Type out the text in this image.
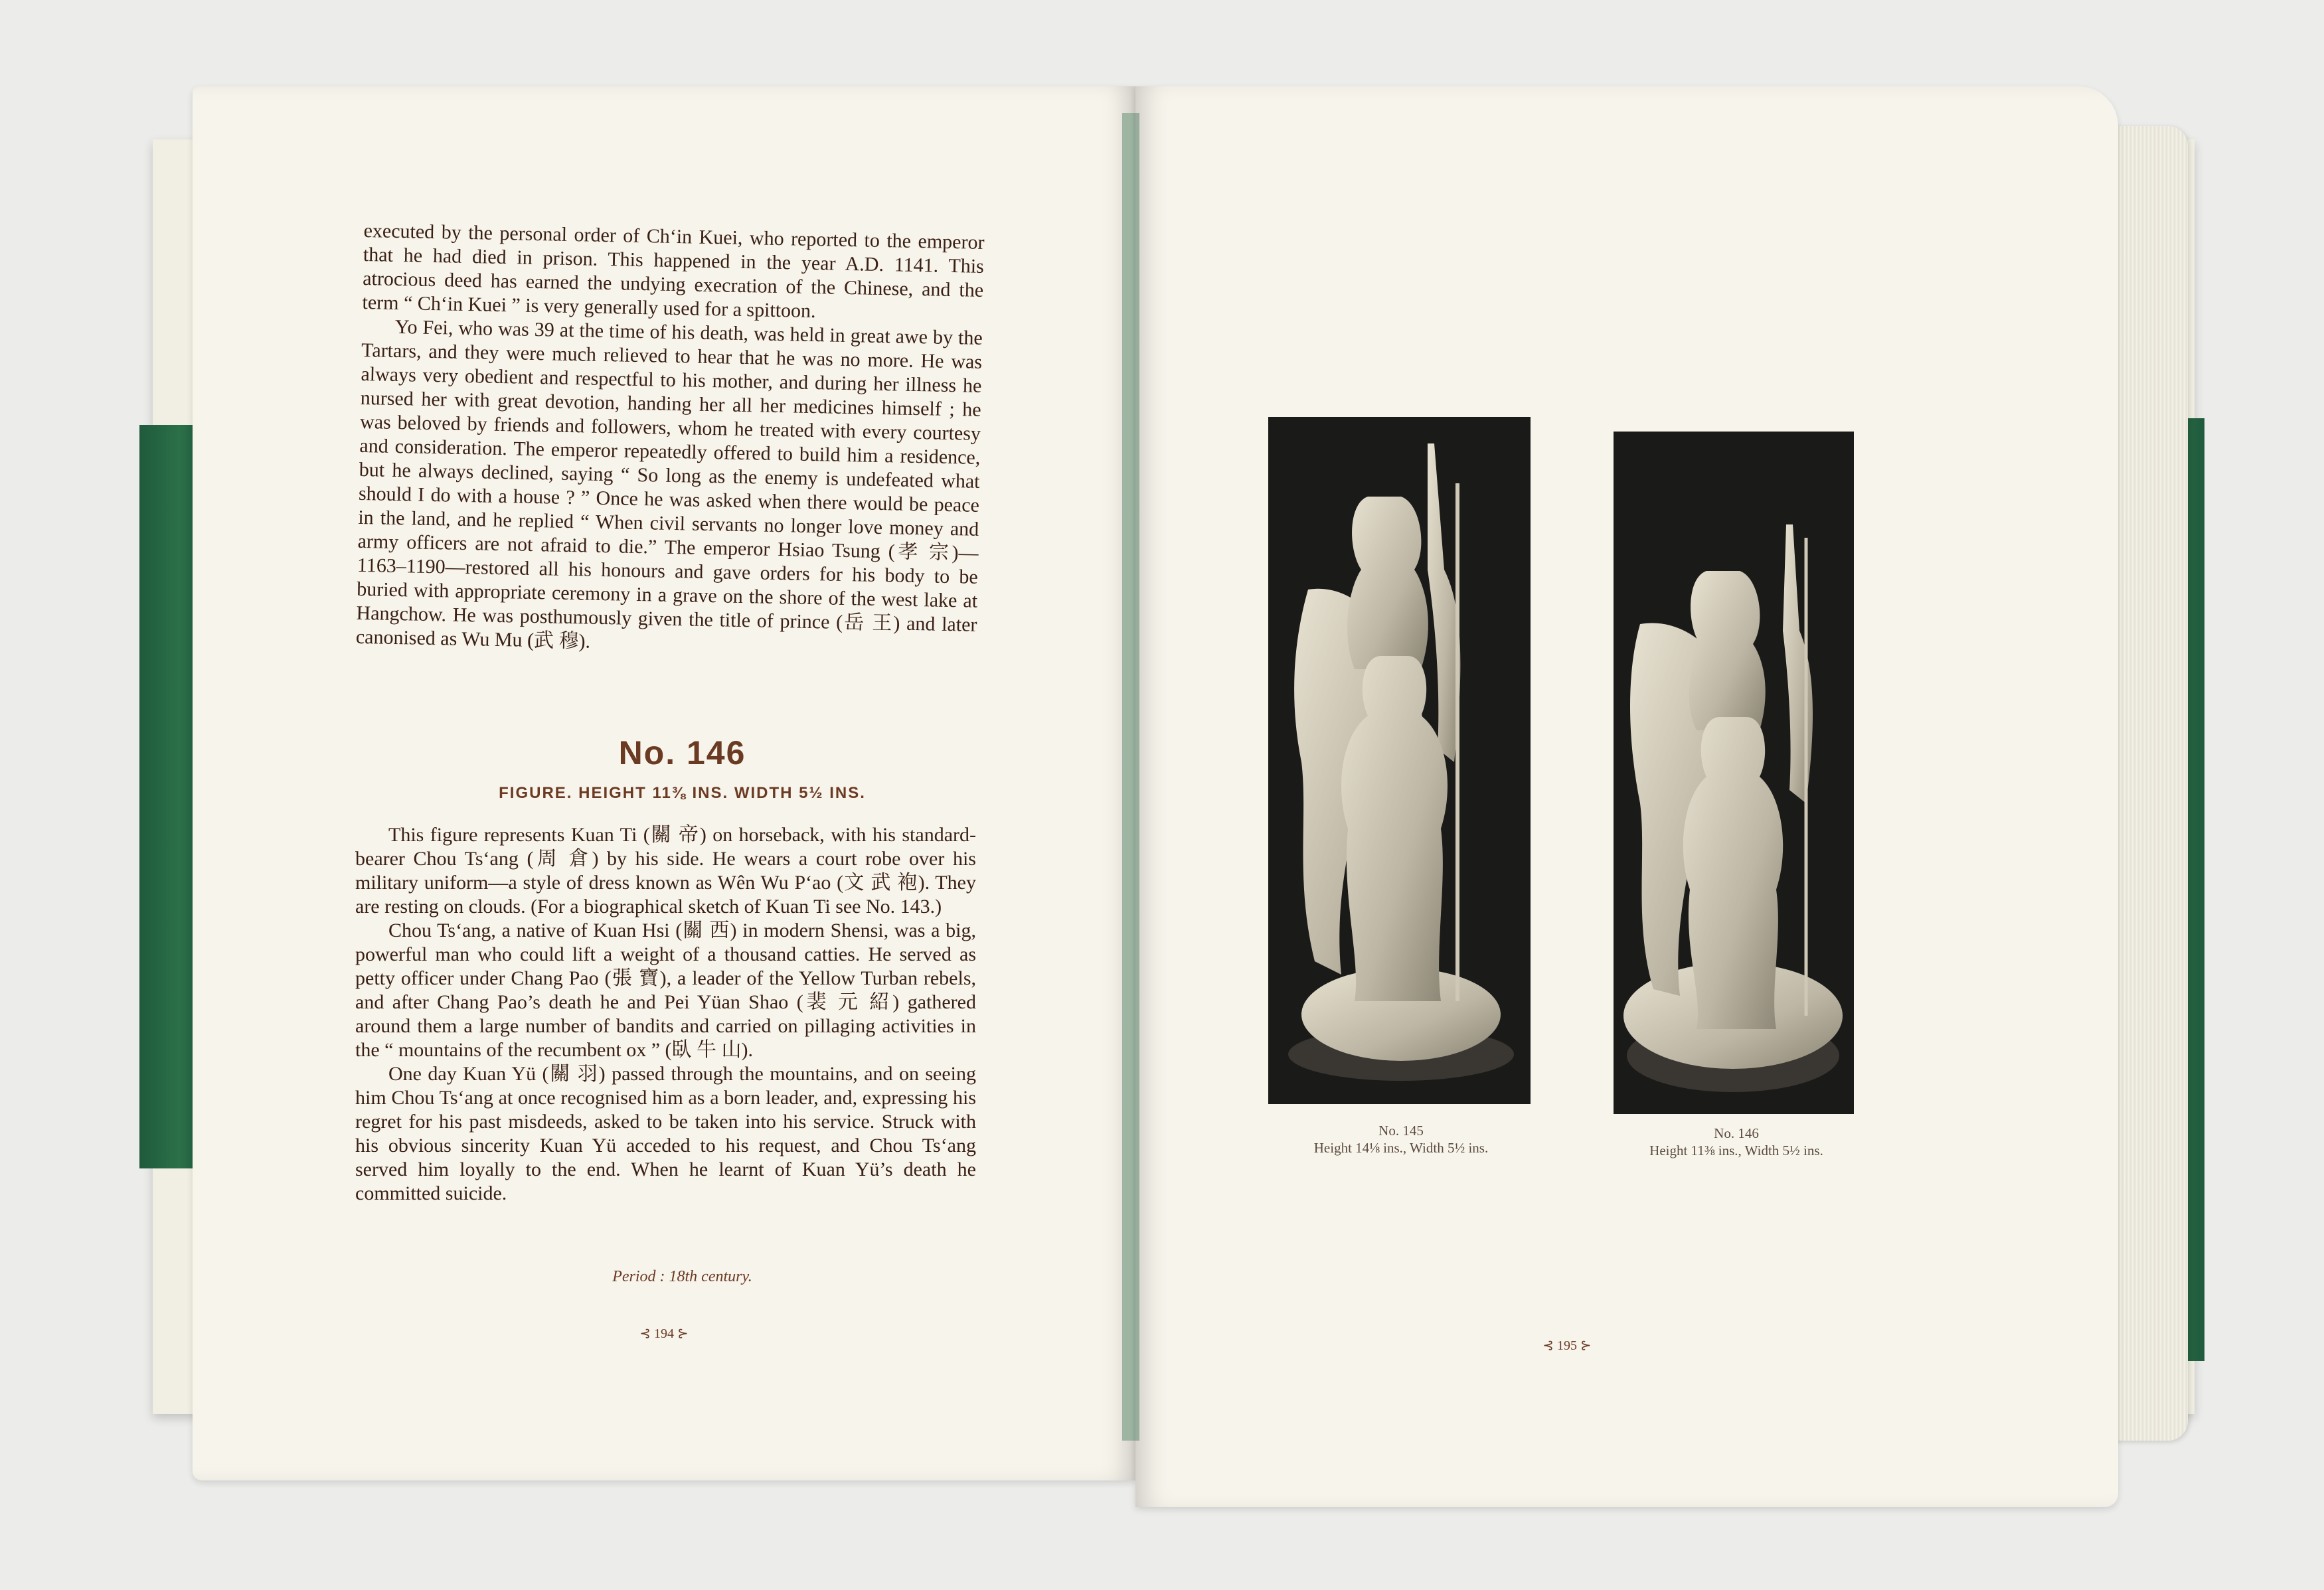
executed by the personal order of Ch‘in Kuei, who reported to the emperor that he had died in prison. This happened in the year A.D. 1141. This atrocious deed has earned the undying execration of the Chinese, and the term “ Ch‘in Kuei ” is very generally used for a spittoon.

Yo Fei, who was 39 at the time of his death, was held in great awe by the Tartars, and they were much relieved to hear that he was no more. He was always very obedient and respectful to his mother, and during her illness he nursed her with great devotion, handing her all her medicines himself ; he was beloved by friends and followers, whom he treated with every courtesy and consideration. The emperor repeatedly offered to build him a residence, but he always declined, saying “ So long as the enemy is undefeated what should I do with a house ? ” Once he was asked when there would be peace in the land, and he replied “ When civil servants no longer love money and army officers are not afraid to die.” The emperor Hsiao Tsung (孝 宗)—1163–1190—restored all his honours and gave orders for his body to be buried with appropriate ceremony in a grave on the shore of the west lake at Hangchow. He was posthumously given the title of prince (岳 王) and later canonised as Wu Mu (武 穆).

No. 146
FIGURE. HEIGHT 11⅜ INS. WIDTH 5½ INS.

This figure represents Kuan Ti (關 帝) on horseback, with his standard-bearer Chou Ts‘ang (周 倉) by his side. He wears a court robe over his military uniform—a style of dress known as Wên Wu P‘ao (文 武 袍). They are resting on clouds. (For a biographical sketch of Kuan Ti see No. 143.)

Chou Ts‘ang, a native of Kuan Hsi (關 西) in modern Shensi, was a big, powerful man who could lift a weight of a thousand catties. He served as petty officer under Chang Pao (張 寶), a leader of the Yellow Turban rebels, and after Chang Pao’s death he and Pei Yüan Shao (裴 元 紹) gathered around them a large number of bandits and carried on pillaging activities in the “ mountains of the recumbent ox ” (臥 牛 山).

One day Kuan Yü (關 羽) passed through the mountains, and on seeing him Chou Ts‘ang at once recognised him as a born leader, and, expressing his regret for his past misdeeds, asked to be taken into his service. Struck with his obvious sincerity Kuan Yü acceded to his request, and Chou Ts‘ang served him loyally to the end. When he learnt of Kuan Yü’s death he committed suicide.

Period : 18th century.
⊰ 194 ⊱
No. 145
Height 14⅛ ins., Width 5½ ins.
No. 146
Height 11⅜ ins., Width 5½ ins.
⊰ 195 ⊱
